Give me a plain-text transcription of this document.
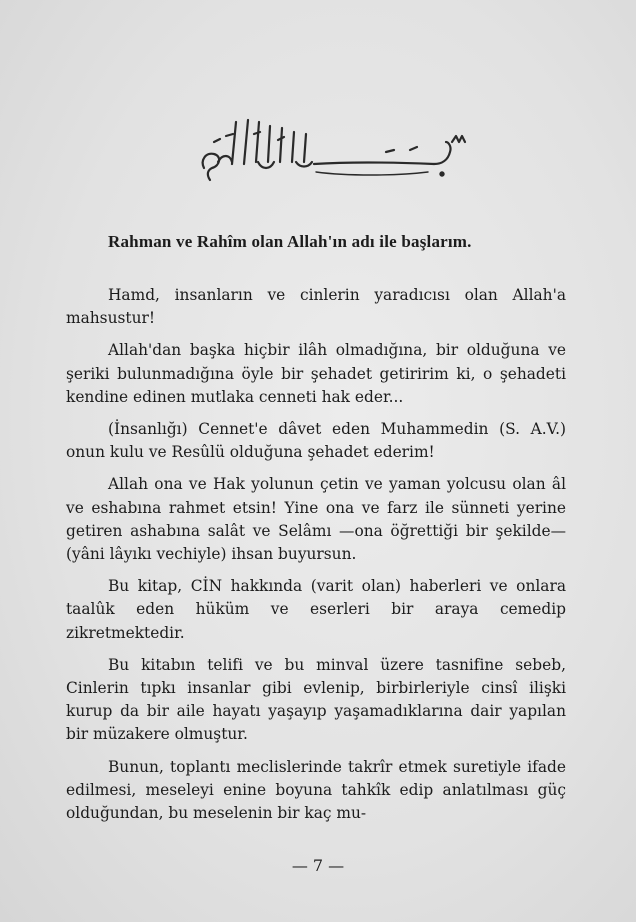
Rahman ve Rahîm olan Allah'ın adı ile başlarım.

Hamd, insanların ve cinlerin yaradıcısı olan Allah'a mahsustur!

Allah'dan başka hiçbir ilâh olmadığına, bir olduğuna ve şeriki bulunmadığına öyle bir şehadet getiririm ki, o şehadeti kendine edinen mutlaka cenneti hak eder...

(İnsanlığı) Cennet'e dâvet eden Muhammedin (S. A.V.) onun kulu ve Resûlü olduğuna şehadet ederim!

Allah ona ve Hak yolunun çetin ve yaman yolcusu olan âl ve eshabına rahmet etsin! Yine ona ve farz ile sünneti yerine getiren ashabına salât ve Selâmı —ona öğrettiği bir şekilde— (yâni lâyıkı vechiyle) ihsan buyursun.

Bu kitap, CİN hakkında (varit olan) haberleri ve onlara taalûk eden hüküm ve eserleri bir araya cemedip zikretmektedir.

Bu kitabın telifi ve bu minval üzere tasnifine sebeb, Cinlerin tıpkı insanlar gibi evlenip, birbirleriyle cinsî ilişki kurup da bir aile hayatı yaşayıp yaşamadıklarına dair yapılan bir müzakere olmuştur.

Bunun, toplantı meclislerinde takrîr etmek suretiyle ifade edilmesi, meseleyi enine boyuna tahkîk edip anlatılması güç olduğundan, bu meselenin bir kaç mu-

— 7 —
